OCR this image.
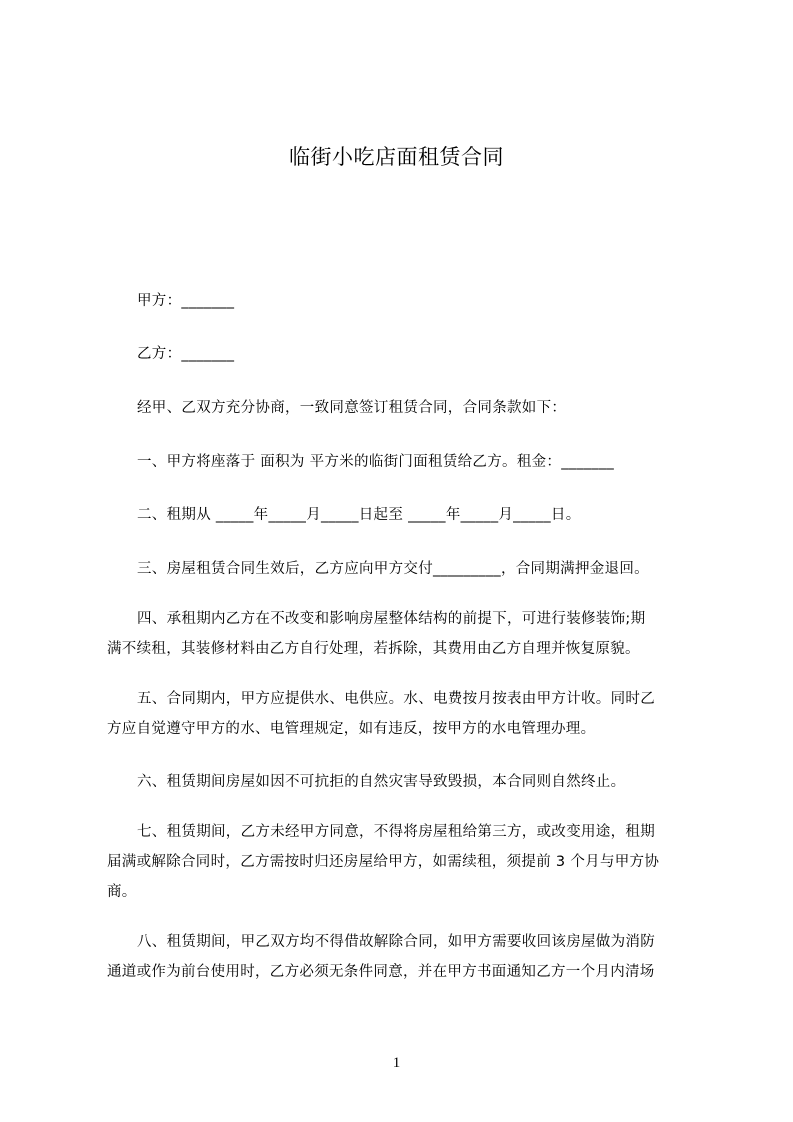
临街小吃店面租赁合同
甲方：_______
乙方：_______
经甲、乙双方充分协商，一致同意签订租赁合同，合同条款如下：
一、甲方将座落于 面积为 平方米的临街门面租赁给乙方。租金：_______
二、租期从 _____年_____月_____日起至 _____年_____月_____日。
三、房屋租赁合同生效后，乙方应向甲方交付_________，合同期满押金退回。
四、承租期内乙方在不改变和影响房屋整体结构的前提下，可进行装修装饰;期
满不续租，其装修材料由乙方自行处理，若拆除，其费用由乙方自理并恢复原貌。
五、合同期内，甲方应提供水、电供应。水、电费按月按表由甲方计收。同时乙
方应自觉遵守甲方的水、电管理规定，如有违反，按甲方的水电管理办理。
六、租赁期间房屋如因不可抗拒的自然灾害导致毁损，本合同则自然终止。
七、租赁期间，乙方未经甲方同意，不得将房屋租给第三方，或改变用途，租期
届满或解除合同时，乙方需按时归还房屋给甲方，如需续租，须提前 3 个月与甲方协
商。
八、租赁期间，甲乙双方均不得借故解除合同，如甲方需要收回该房屋做为消防
通道或作为前台使用时，乙方必须无条件同意，并在甲方书面通知乙方一个月内清场
1
